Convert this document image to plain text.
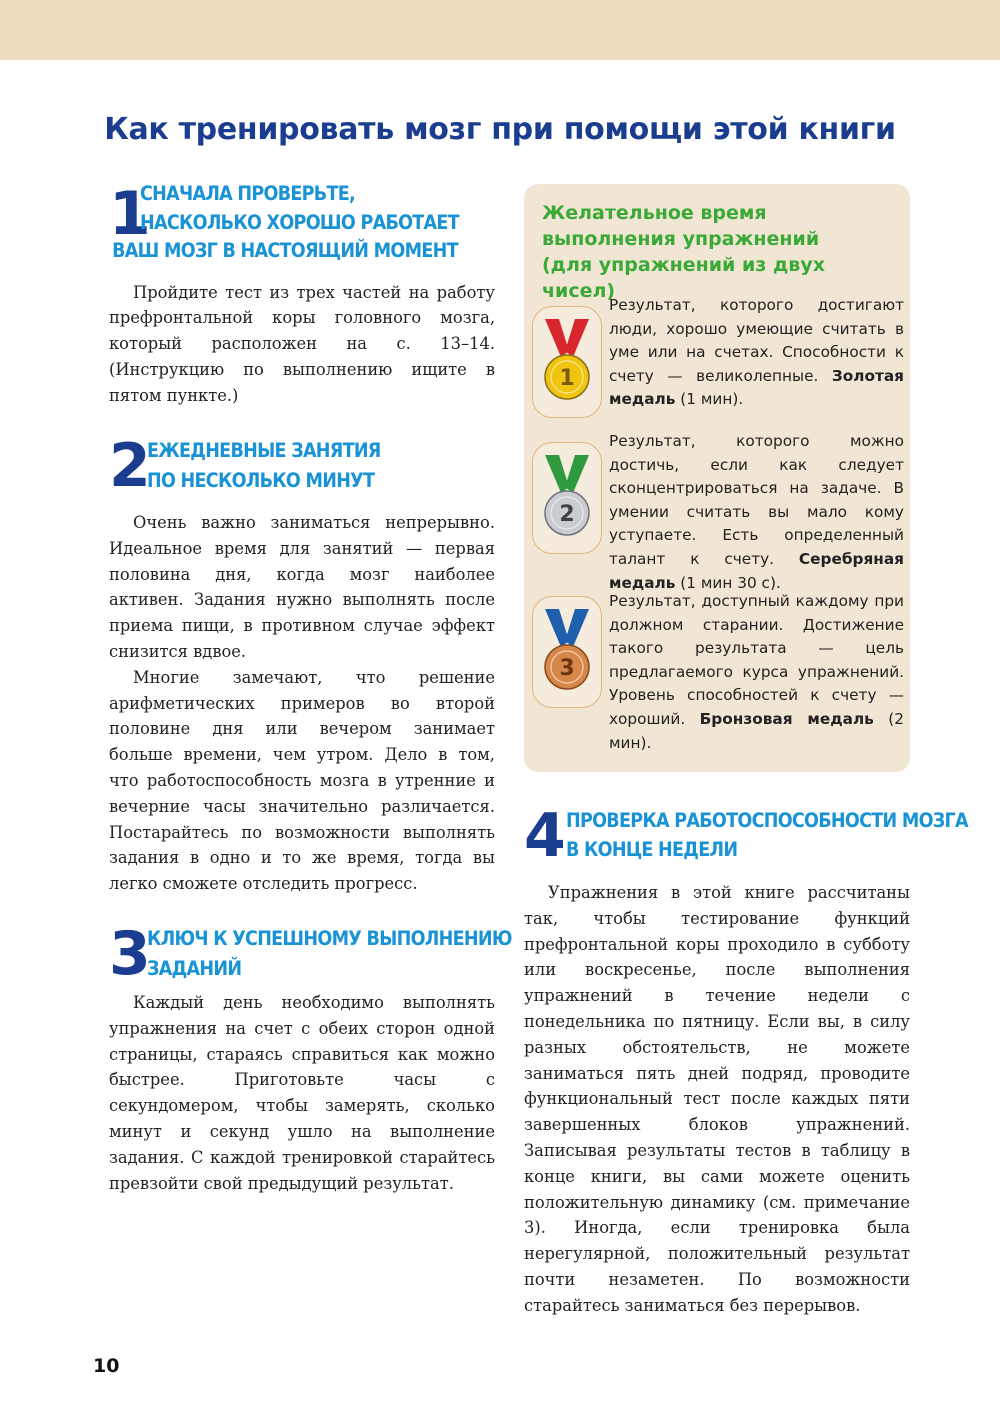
Как тренировать мозг при помощи этой книги
1
СНАЧАЛА ПРОВЕРЬТЕ,
НАСКОЛЬКО ХОРОШО РАБОТАЕТ
ВАШ МОЗГ В НАСТОЯЩИЙ МОМЕНТ

Пройдите тест из трех частей на работу префронтальной коры головного мозга, который расположен на с. 13–14. (Инструкцию по выполнению ищите в пятом пункте.)

2
ЕЖЕДНЕВНЫЕ ЗАНЯТИЯ
ПО НЕСКОЛЬКО МИНУТ

Очень важно заниматься непрерывно. Идеальное время для занятий — первая половина дня, когда мозг наиболее активен. Задания нужно выполнять после приема пищи, в противном случае эффект снизится вдвое.

Многие замечают, что решение арифметических примеров во второй половине дня или вечером занимает больше времени, чем утром. Дело в том, что работоспособность мозга в утренние и вечерние часы значительно различается. Постарайтесь по возможности выполнять задания в одно и то же время, тогда вы легко сможете отследить прогресс.

3
КЛЮЧ К УСПЕШНОМУ ВЫПОЛНЕНИЮ
ЗАДАНИЙ

Каждый день необходимо выполнять упражнения на счет с обеих сторон одной страницы, стараясь справиться как можно быстрее. Приготовьте часы с секундомером, чтобы замерять, сколько минут и секунд ушло на выполнение задания. С каждой тренировкой старайтесь превзойти свой предыдущий результат.

Желательное время
выполнения упражнений
(для упражнений из двух чисел)
1
Результат, которого достигают люди, хорошо умеющие считать в уме или на счетах. Способности к счету — великолепные. Золотая медаль (1 мин).
2
Результат, которого можно достичь, если как следует сконцентрироваться на задаче. В умении считать вы мало кому уступаете. Есть определенный талант к счету. Серебряная медаль (1 мин 30 с).
3
Результат, доступный каждому при должном старании. Достижение такого результата — цель предлагаемого курса упражнений. Уровень способностей к счету — хороший. Бронзовая медаль (2 мин).
4 ПРОВЕРКА РАБОТОСПОСОБНОСТИ МОЗГА
В КОНЦЕ НЕДЕЛИ

Упражнения в этой книге рассчитаны так, чтобы тестирование функций префронтальной коры проходило в субботу или воскресенье, после выполнения упражнений в течение недели с понедельника по пятницу. Если вы, в силу разных обстоятельств, не можете заниматься пять дней подряд, проводите функциональный тест после каждых пяти завершенных блоков упражнений. Записывая результаты тестов в таблицу в конце книги, вы сами можете оценить положительную динамику (см. примечание 3). Иногда, если тренировка была нерегулярной, положительный результат почти незаметен. По возможности старайтесь заниматься без перерывов.

10
